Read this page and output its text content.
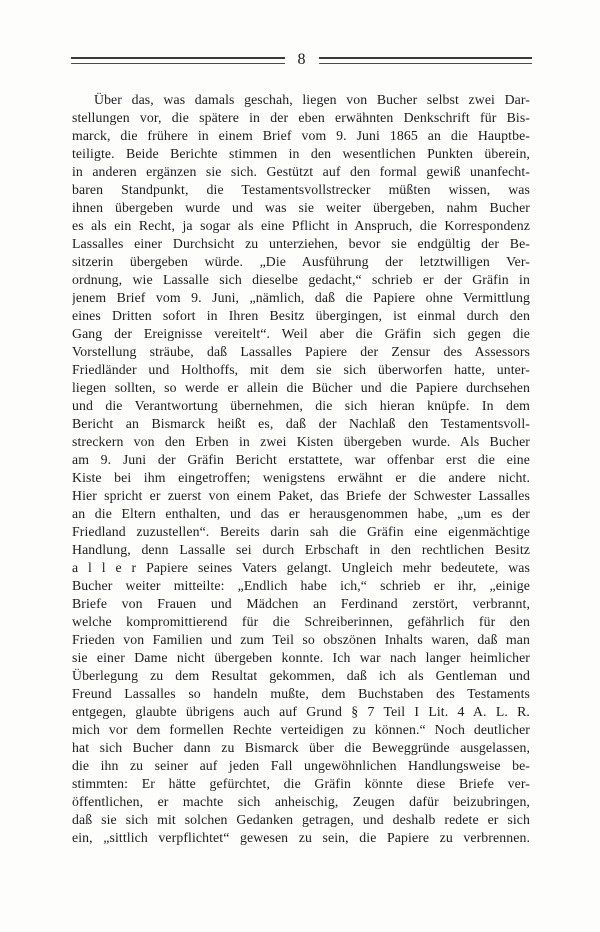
8
Über das, was damals geschah, liegen von Bucher selbst zwei Dar-
stellungen vor, die spätere in der eben erwähnten Denkschrift für Bis-
marck, die frühere in einem Brief vom 9. Juni 1865 an die Hauptbe-
teiligte. Beide Berichte stimmen in den wesentlichen Punkten überein,
in anderen ergänzen sie sich. Gestützt auf den formal gewiß unanfecht-
baren Standpunkt, die Testamentsvollstrecker müßten wissen, was
ihnen übergeben wurde und was sie weiter übergeben, nahm Bucher
es als ein Recht, ja sogar als eine Pflicht in Anspruch, die Korrespondenz
Lassalles einer Durchsicht zu unterziehen, bevor sie endgültig der Be-
sitzerin übergeben würde. „Die Ausführung der letztwilligen Ver-
ordnung, wie Lassalle sich dieselbe gedacht,“ schrieb er der Gräfin in
jenem Brief vom 9. Juni, „nämlich, daß die Papiere ohne Vermittlung
eines Dritten sofort in Ihren Besitz übergingen, ist einmal durch den
Gang der Ereignisse vereitelt“. Weil aber die Gräfin sich gegen die
Vorstellung sträube, daß Lassalles Papiere der Zensur des Assessors
Friedländer und Holthoffs, mit dem sie sich überworfen hatte, unter-
liegen sollten, so werde er allein die Bücher und die Papiere durchsehen
und die Verantwortung übernehmen, die sich hieran knüpfe. In dem
Bericht an Bismarck heißt es, daß der Nachlaß den Testamentsvoll-
streckern von den Erben in zwei Kisten übergeben wurde. Als Bucher
am 9. Juni der Gräfin Bericht erstattete, war offenbar erst die eine
Kiste bei ihm eingetroffen; wenigstens erwähnt er die andere nicht.
Hier spricht er zuerst von einem Paket, das Briefe der Schwester Lassalles
an die Eltern enthalten, und das er herausgenommen habe, „um es der
Friedland zuzustellen“. Bereits darin sah die Gräfin eine eigenmächtige
Handlung, denn Lassalle sei durch Erbschaft in den rechtlichen Besitz
a l l e r Papiere seines Vaters gelangt. Ungleich mehr bedeutete, was
Bucher weiter mitteilte: „Endlich habe ich,“ schrieb er ihr, „einige
Briefe von Frauen und Mädchen an Ferdinand zerstört, verbrannt,
welche kompromittierend für die Schreiberinnen, gefährlich für den
Frieden von Familien und zum Teil so obszönen Inhalts waren, daß man
sie einer Dame nicht übergeben konnte. Ich war nach langer heimlicher
Überlegung zu dem Resultat gekommen, daß ich als Gentleman und
Freund Lassalles so handeln mußte, dem Buchstaben des Testaments
entgegen, glaubte übrigens auch auf Grund § 7 Teil I Lit. 4 A. L. R.
mich vor dem formellen Rechte verteidigen zu können.“ Noch deutlicher
hat sich Bucher dann zu Bismarck über die Beweggründe ausgelassen,
die ihn zu seiner auf jeden Fall ungewöhnlichen Handlungsweise be-
stimmten: Er hätte gefürchtet, die Gräfin könnte diese Briefe ver-
öffentlichen, er machte sich anheischig, Zeugen dafür beizubringen,
daß sie sich mit solchen Gedanken getragen, und deshalb redete er sich
ein, „sittlich verpflichtet“ gewesen zu sein, die Papiere zu verbrennen.
